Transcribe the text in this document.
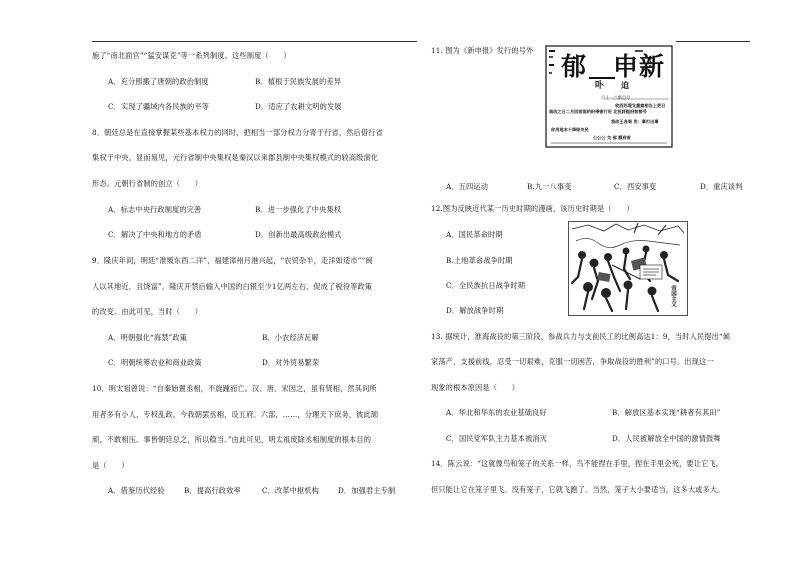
施了“南北面官”“猛安谋克”等一系列制度。这些制度（　　）
A．充分照搬了唐朝的政治制度	B．植根于民族发展的差异
C．实现了疆域内各民族的平等	D．适应了农耕文明的发展
8．朝廷总是在直接掌握某些基本权力的同时，把相当一部分权力分寄于行省，然后借行省
集权于中央，显而易见，元行省制中央集权是秦汉以来郡县制中央集权模式的较高级演化
形态。元朝行省制的创立（　　）
A．标志中央行政制度的完善	B．进一步强化了中央集权
C．解决了中央和地方的矛盾	D．创新出最高级政治模式
9．隆庆年间，明廷“准贩东西二洋”，福建漳州月港兴起，“农贸杂半，走洋如适市”“闽
人以其地近，且饶富”。隆庆开禁后输入中国的白银至少1亿两左右，促成了税役等政策
的改变。由此可见，当时（　　）
A．明朝强化“海禁”政策	B．小农经济瓦解
C．明朝统筹农业和商业政策	D．对外贸易繁荣
10．明太祖曾说：“自秦始置丞相，不旋踵而亡。汉、唐、宋因之，虽有贤相，然其间所
用者多有小人，专权乱政。今我朝罢丞相，设五府、六部，……，分理天下庶务，彼此颉
颃，不敢相压。事皆朝廷总之，所以稳当。”由此可见，明太祖废除丞相制度的根本目的
是（　　）
A．借鉴历代经验	B．提高行政效率	C．改革中枢机构	D．加强君主专制
11. 图为《新申报》发行的号外
郁 申新
卟 迫
日十一六斯目号
收回苏堤支重索相当上更日
南改之日二月回前面的纷乘银行后 北抚将挺府前接号
我改王各周 员：事打出事
你用地本十降综央民
公公公 交 部 额府首
A．五四运动	B.九一八事变	C．西安事变	D．重庆谈判
12.图为反映近代某一历史时期的漫画，该历史时期是（　　）
A．国民革命时期
B.土地革命战争时期
C．全民族抗日战争时期
D．解放战争时期
帝国主义
13. 据统计，淮海战役的第三阶段，参战兵力与支前民工的比例高达1：9，当时人民提出“倾
家荡产，支援前线，忍受一切艰难，克服一切困苦，争取战役的胜利”的口号。出现这一
现象的根本原因是（　　）
A．华北和华东的农业基础良好	B．解放区基本实现“耕者有其田”
C．国民党军队主力基本被消灭	D．人民被解放全中国的激情鼓舞
14．陈云说：“这就像鸟和笼子的关系一样，鸟不能捏在手里，捏在手里会死，要让它飞，
但只能让它在笼子里飞。没有笼子，它就飞跑了。当然，笼子大小要适当，这多大或多大。
